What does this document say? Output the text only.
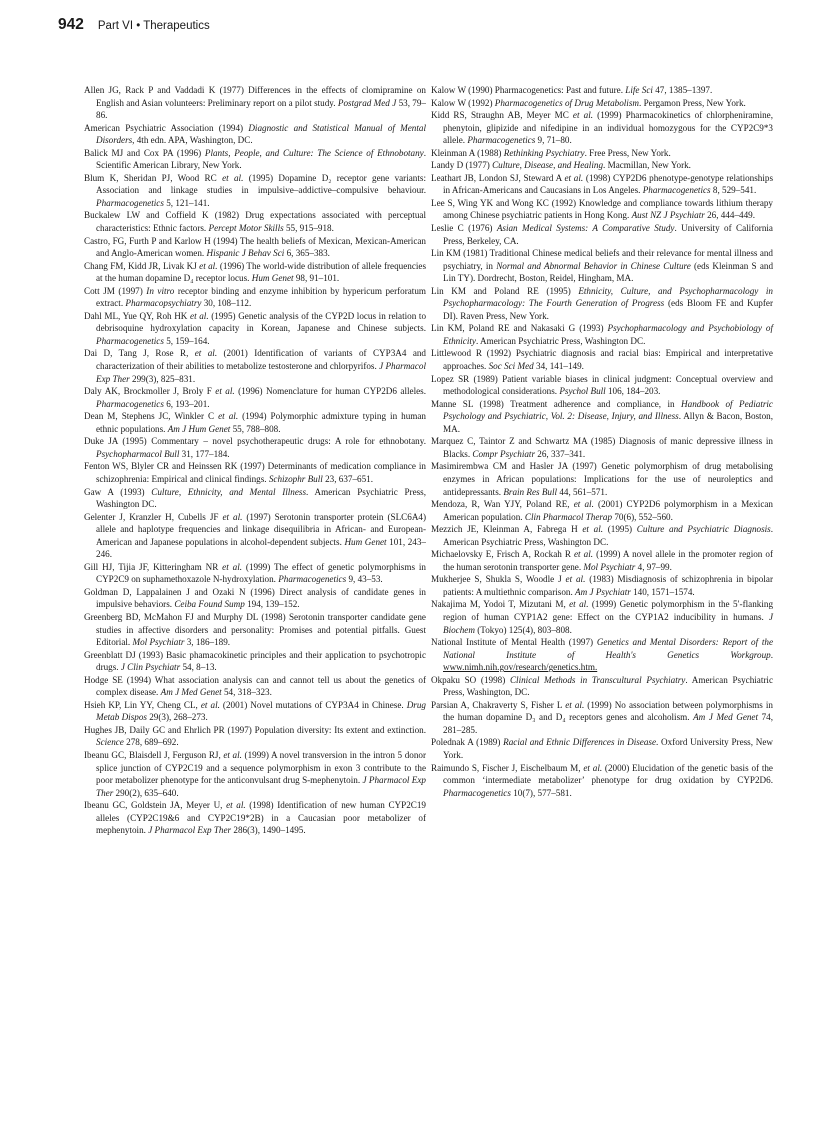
942 Part VI • Therapeutics

Allen JG, Rack P and Vaddadi K (1977) Differences in the effects of clomipramine on English and Asian volunteers: Preliminary report on a pilot study. Postgrad Med J 53, 79–86.

American Psychiatric Association (1994) Diagnostic and Statistical Manual of Mental Disorders, 4th edn. APA, Washington, DC.

Balick MJ and Cox PA (1996) Plants, People, and Culture: The Science of Ethnobotany. Scientific American Library, New York.

Blum K, Sheridan PJ, Wood RC et al. (1995) Dopamine D₂ receptor gene variants: Association and linkage studies in impulsive–addictive–compulsive behaviour. Pharmacogenetics 5, 121–141.

Buckalew LW and Coffield K (1982) Drug expectations associated with perceptual characteristics: Ethnic factors. Percept Motor Skills 55, 915–918.

Castro, FG, Furth P and Karlow H (1994) The health beliefs of Mexican, Mexican-American and Anglo-American women. Hispanic J Behav Sci 6, 365–383.

Chang FM, Kidd JR, Livak KJ et al. (1996) The world-wide distribution of allele frequencies at the human dopamine D₄ receptor locus. Hum Genet 98, 91–101.

Cott JM (1997) In vitro receptor binding and enzyme inhibition by hypericum perforatum extract. Pharmacopsychiatry 30, 108–112.

Dahl ML, Yue QY, Roh HK et al. (1995) Genetic analysis of the CYP2D locus in relation to debrisoquine hydroxylation capacity in Korean, Japanese and Chinese subjects. Pharmacogenetics 5, 159–164.

Dai D, Tang J, Rose R, et al. (2001) Identification of variants of CYP3A4 and characterization of their abilities to metabolize testosterone and chlorpyrifos. J Pharmacol Exp Ther 299(3), 825–831.

Daly AK, Brockmoller J, Broly F et al. (1996) Nomenclature for human CYP2D6 alleles. Pharmacogenetics 6, 193–201.

Dean M, Stephens JC, Winkler C et al. (1994) Polymorphic admixture typing in human ethnic populations. Am J Hum Genet 55, 788–808.

Duke JA (1995) Commentary – novel psychotherapeutic drugs: A role for ethnobotany. Psychopharmacol Bull 31, 177–184.

Fenton WS, Blyler CR and Heinssen RK (1997) Determinants of medication compliance in schizophrenia: Empirical and clinical findings. Schizophr Bull 23, 637–651.

Gaw A (1993) Culture, Ethnicity, and Mental Illness. American Psychiatric Press, Washington DC.

Gelenter J, Kranzler H, Cubells JF et al. (1997) Serotonin transporter protein (SLC6A4) allele and haplotype frequencies and linkage disequilibria in African- and European-American and Japanese populations in alcohol-dependent subjects. Hum Genet 101, 243–246.

Gill HJ, Tijia JF, Kitteringham NR et al. (1999) The effect of genetic polymorphisms in CYP2C9 on suphamethoxazole N-hydroxylation. Pharmacogenetics 9, 43–53.

Goldman D, Lappalainen J and Ozaki N (1996) Direct analysis of candidate genes in impulsive behaviors. Ceiba Found Sump 194, 139–152.

Greenberg BD, McMahon FJ and Murphy DL (1998) Serotonin transporter candidate gene studies in affective disorders and personality: Promises and potential pitfalls. Guest Editorial. Mol Psychiatr 3, 186–189.

Greenblatt DJ (1993) Basic phamacokinetic principles and their application to psychotropic drugs. J Clin Psychiatr 54, 8–13.

Hodge SE (1994) What association analysis can and cannot tell us about the genetics of complex disease. Am J Med Genet 54, 318–323.

Hsieh KP, Lin YY, Cheng CL, et al. (2001) Novel mutations of CYP3A4 in Chinese. Drug Metab Dispos 29(3), 268–273.

Hughes JB, Daily GC and Ehrlich PR (1997) Population diversity: Its extent and extinction. Science 278, 689–692.

Ibeanu GC, Blaisdell J, Ferguson RJ, et al. (1999) A novel transversion in the intron 5 donor splice junction of CYP2C19 and a sequence polymorphism in exon 3 contribute to the poor metabolizer phenotype for the anticonvulsant drug S-mephenytoin. J Pharmacol Exp Ther 290(2), 635–640.

Ibeanu GC, Goldstein JA, Meyer U, et al. (1998) Identification of new human CYP2C19 alleles (CYP2C19&6 and CYP2C19*2B) in a Caucasian poor metabolizer of mephenytoin. J Pharmacol Exp Ther 286(3), 1490–1495.

Kalow W (1990) Pharmacogenetics: Past and future. Life Sci 47, 1385–1397.

Kalow W (1992) Pharmacogenetics of Drug Metabolism. Pergamon Press, New York.

Kidd RS, Straughn AB, Meyer MC et al. (1999) Pharmacokinetics of chlorpheniramine, phenytoin, glipizide and nifedipine in an individual homozygous for the CYP2C9*3 allele. Pharmacogenetics 9, 71–80.

Kleinman A (1988) Rethinking Psychiatry. Free Press, New York.

Landy D (1977) Culture, Disease, and Healing. Macmillan, New York.

Leathart JB, London SJ, Steward A et al. (1998) CYP2D6 phenotype-genotype relationships in African-Americans and Caucasians in Los Angeles. Pharmacogenetics 8, 529–541.

Lee S, Wing YK and Wong KC (1992) Knowledge and compliance towards lithium therapy among Chinese psychiatric patients in Hong Kong. Aust NZ J Psychiatr 26, 444–449.

Leslie C (1976) Asian Medical Systems: A Comparative Study. University of California Press, Berkeley, CA.

Lin KM (1981) Traditional Chinese medical beliefs and their relevance for mental illness and psychiatry, in Normal and Abnormal Behavior in Chinese Culture (eds Kleinman S and Lin TY). Dordrecht, Boston, Reidel, Hingham, MA.

Lin KM and Poland RE (1995) Ethnicity, Culture, and Psychopharmacology in Psychopharmacology: The Fourth Generation of Progress (eds Bloom FE and Kupfer DI). Raven Press, New York.

Lin KM, Poland RE and Nakasaki G (1993) Psychopharmacology and Psychobiology of Ethnicity. American Psychiatric Press, Washington DC.

Littlewood R (1992) Psychiatric diagnosis and racial bias: Empirical and interpretative approaches. Soc Sci Med 34, 141–149.

Lopez SR (1989) Patient variable biases in clinical judgment: Conceptual overview and methodological considerations. Psychol Bull 106, 184–203.

Manne SL (1998) Treatment adherence and compliance, in Handbook of Pediatric Psychology and Psychiatric, Vol. 2: Disease, Injury, and Illness. Allyn & Bacon, Boston, MA.

Marquez C, Taintor Z and Schwartz MA (1985) Diagnosis of manic depressive illness in Blacks. Compr Psychiatr 26, 337–341.

Masimirembwa CM and Hasler JA (1997) Genetic polymorphism of drug metabolising enzymes in African populations: Implications for the use of neuroleptics and antidepressants. Brain Res Bull 44, 561–571.

Mendoza, R, Wan YJY, Poland RE, et al. (2001) CYP2D6 polymorphism in a Mexican American population. Clin Pharmacol Therap 70(6), 552–560.

Mezzich JE, Kleinman A, Fabrega H et al. (1995) Culture and Psychiatric Diagnosis. American Psychiatric Press, Washington DC.

Michaelovsky E, Frisch A, Rockah R et al. (1999) A novel allele in the promoter region of the human serotonin transporter gene. Mol Psychiatr 4, 97–99.

Mukherjee S, Shukla S, Woodle J et al. (1983) Misdiagnosis of schizophrenia in bipolar patients: A multiethnic comparison. Am J Psychiatr 140, 1571–1574.

Nakajima M, Yodoi T, Mizutani M, et al. (1999) Genetic polymorphism in the 5′-flanking region of human CYP1A2 gene: Effect on the CYP1A2 inducibility in humans. J Biochem (Tokyo) 125(4), 803–808.

National Institute of Mental Health (1997) Genetics and Mental Disorders: Report of the National Institute of Health's Genetics Workgroup. www.nimh.nih.gov/research/genetics.htm.

Okpaku SO (1998) Clinical Methods in Transcultural Psychiatry. American Psychiatric Press, Washington, DC.

Parsian A, Chakraverty S, Fisher L et al. (1999) No association between polymorphisms in the human dopamine D₃ and D₄ receptors genes and alcoholism. Am J Med Genet 74, 281–285.

Polednak A (1989) Racial and Ethnic Differences in Disease. Oxford University Press, New York.

Raimundo S, Fischer J, Eischelbaum M, et al. (2000) Elucidation of the genetic basis of the common ‘intermediate metabolizer’ phenotype for drug oxidation by CYP2D6. Pharmacogenetics 10(7), 577–581.
